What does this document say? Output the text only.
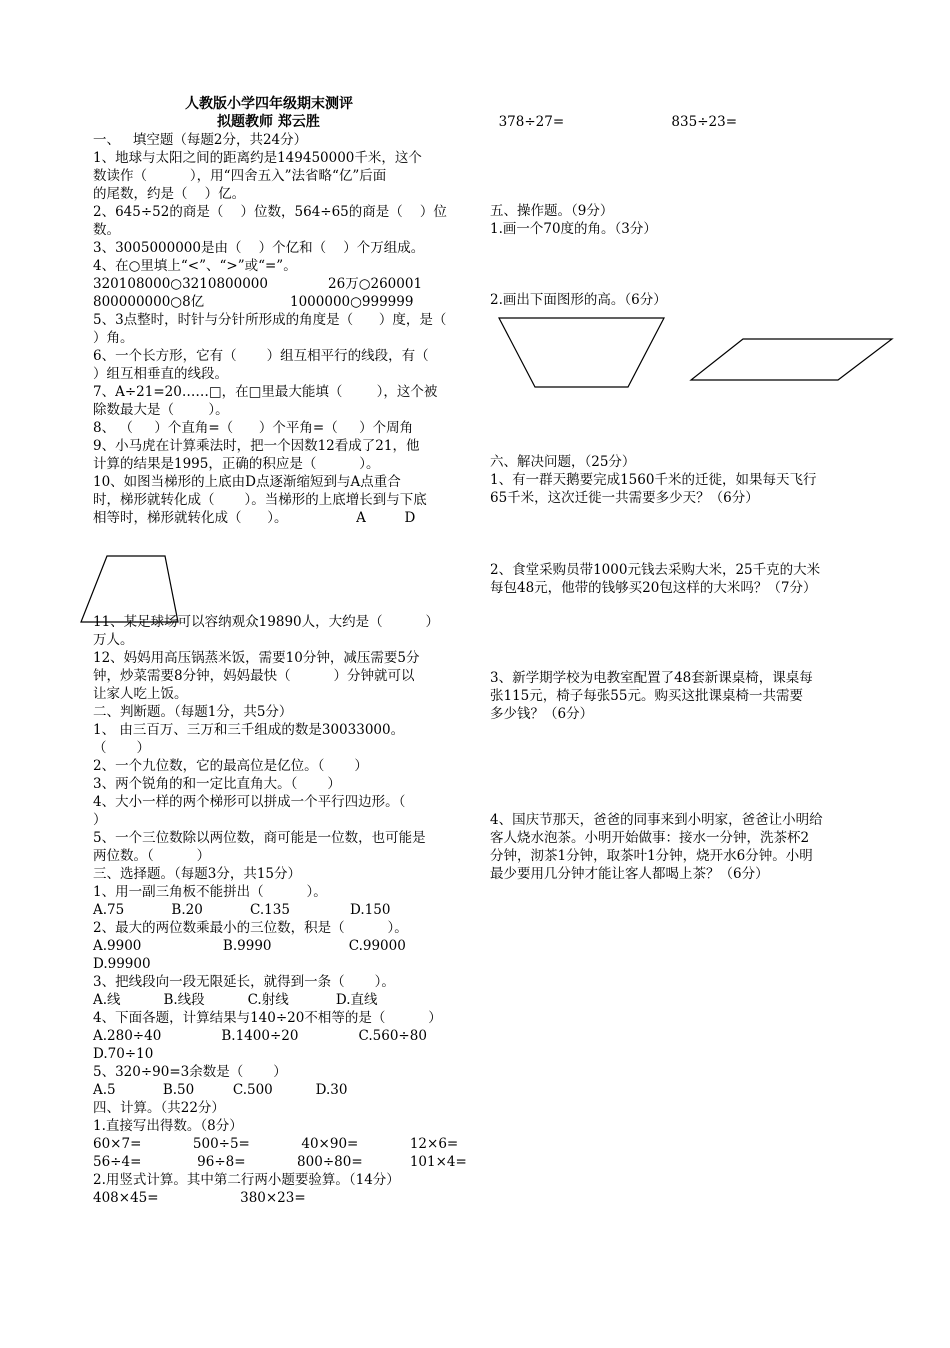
人教版小学四年级期末测评
拟题教师 郑云胜
一、   填空题（每题2分，共24分）
1、地球与太阳之间的距离约是149450000千米，这个
数读作（          ），用“四舍五入”法省略“亿”后面
的尾数，约是（    ）亿。
2、645÷52的商是（    ）位数，564÷65的商是（    ）位
数。
3、3005000000是由（    ）个亿和（    ）个万组成。
4、在○里填上“<”、“>”或“=”。
320108000○3210800000              26万○260001
800000000○8亿                    1000000○999999
5、3点整时，时针与分针所形成的角度是（      ）度，是（
）角。
6、一个长方形，它有（       ）组互相平行的线段，有（
）组互相垂直的线段。
7、A÷21=20……□，在□里最大能填（        ），这个被
除数最大是（        ）。
8、 （     ）个直角=（      ）个平角=（     ）个周角
9、小马虎在计算乘法时，把一个因数12看成了21，他
计算的结果是1995，正确的积应是（          ）。
10、如图当梯形的上底由D点逐渐缩短到与A点重合
时，梯形就转化成（       ）。当梯形的上底增长到与下底
相等时，梯形就转化成（      ）。                A         D
11、某足球场可以容纳观众19890人，大约是（          ）
万人。
12、妈妈用高压锅蒸米饭，需要10分钟，减压需要5分
钟，炒菜需要8分钟，妈妈最快（          ）分钟就可以
让家人吃上饭。
二、判断题。（每题1分，共5分）
1、 由三百万、三万和三千组成的数是30033000。
（       ）
2、一个九位数，它的最高位是亿位。（       ）
3、两个锐角的和一定比直角大。（       ）
4、大小一样的两个梯形可以拼成一个平行四边形。（
）
5、一个三位数除以两位数，商可能是一位数，也可能是
两位数。（          ）
三、选择题。（每题3分，共15分）
1、用一副三角板不能拼出（          ）。
A.75           B.20           C.135              D.150
2、最大的两位数乘最小的三位数，积是（          ）。
A.9900                   B.9990                  C.99000
D.99900
3、把线段向一段无限延长，就得到一条（       ）。
A.线          B.线段          C.射线           D.直线
4、下面各题，计算结果与140÷20不相等的是（          ）
A.280÷40              B.1400÷20              C.560÷80
D.70÷10
5、320÷90=3余数是（       ）
A.5           B.50         C.500          D.30
四、计算。（共22分）
1.直接写出得数。（8分）
60×7=            500÷5=            40×90=            12×6=
56÷4=             96÷8=            800÷80=           101×4=
2.用竖式计算。其中第二行两小题要验算。（14分）
408×45=                   380×23=
378÷27=                         835÷23=
五、操作题。（9分）
1.画一个70度的角。（3分）
2.画出下面图形的高。（6分）
六、解决问题，（25分）
1、有一群天鹅要完成1560千米的迁徙，如果每天飞行
65千米，这次迁徙一共需要多少天？（6分）
2、食堂采购员带1000元钱去采购大米，25千克的大米
每包48元，他带的钱够买20包这样的大米吗？（7分）
3、新学期学校为电教室配置了48套新课桌椅，课桌每
张115元，椅子每张55元。购买这批课桌椅一共需要
多少钱？（6分）
4、国庆节那天，爸爸的同事来到小明家，爸爸让小明给
客人烧水泡茶。小明开始做事：接水一分钟，洗茶杯2
分钟，沏茶1分钟，取茶叶1分钟，烧开水6分钟。小明
最少要用几分钟才能让客人都喝上茶？（6分）
